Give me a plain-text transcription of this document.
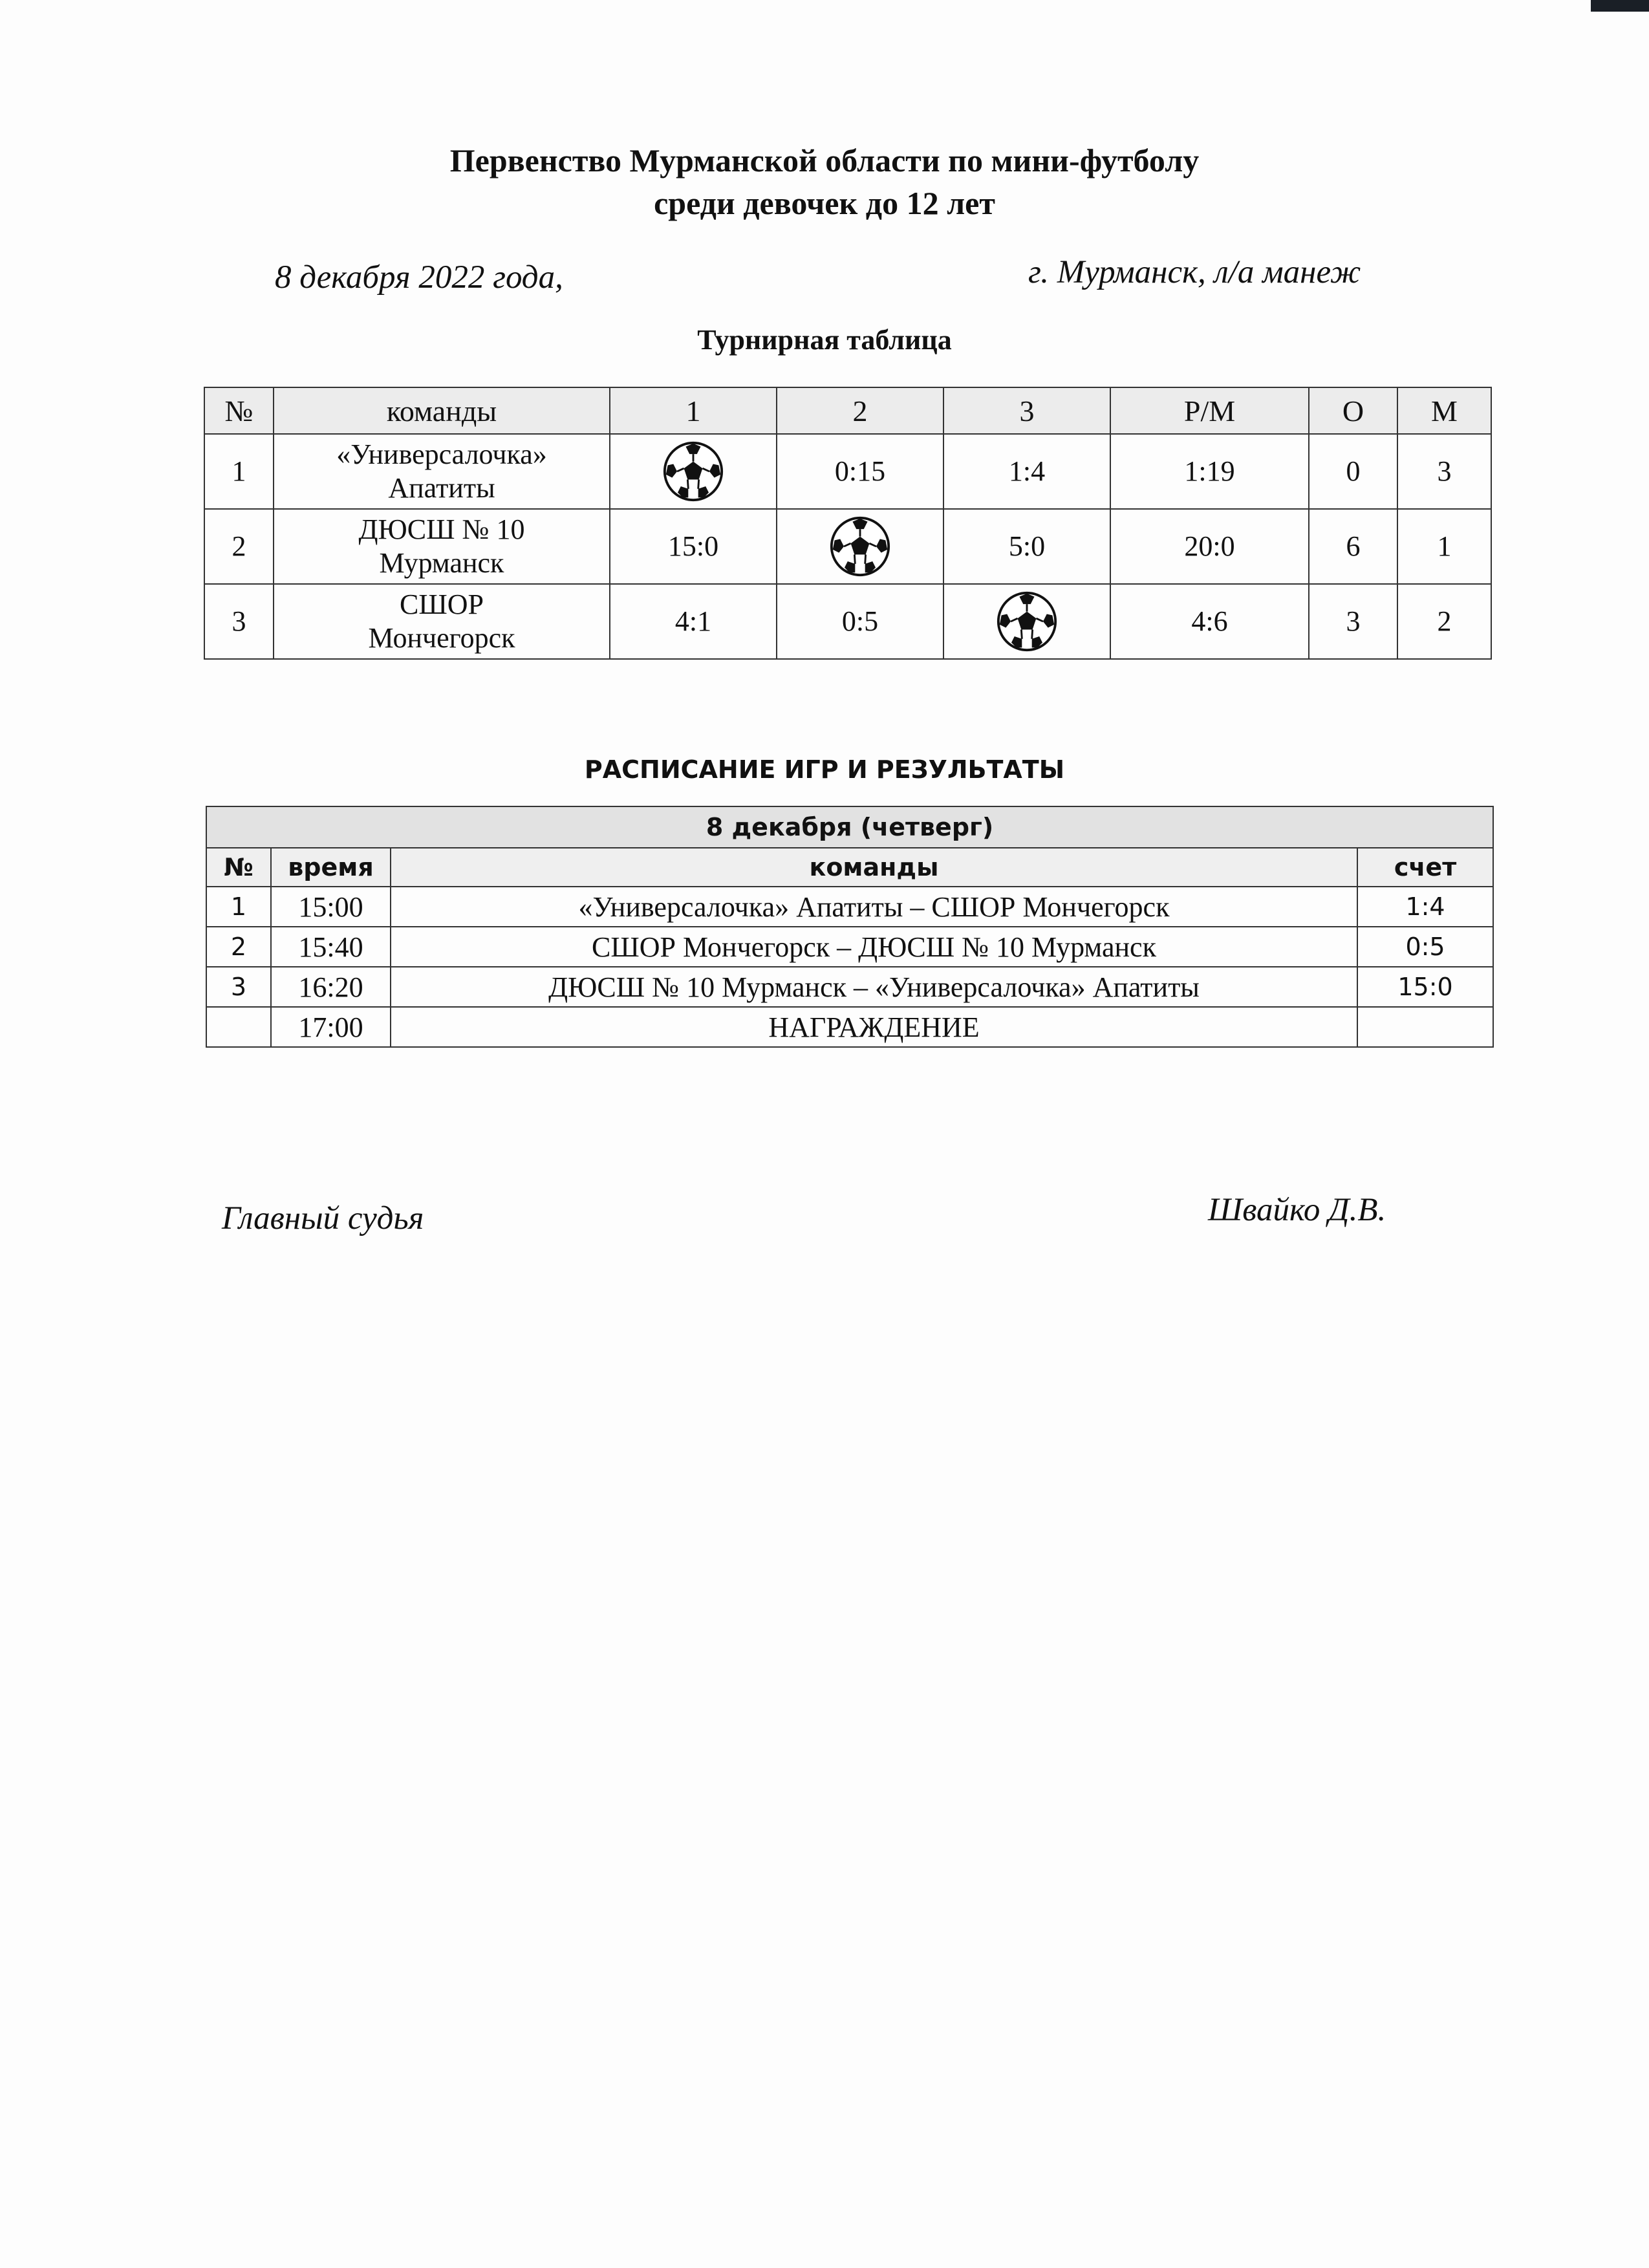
Первенство Мурманской области по мини-футболу
среди девочек до 12 лет
8 декабря 2022 года,	г. Мурманск, л/а манеж
Турнирная таблица
№	команды	1	2	3	Р/М	О	М
1	«Универсалочка»
Апатиты		0:15	1:4	1:19	0	3
2	ДЮСШ № 10
Мурманск	15:0		5:0	20:0	6	1
3	СШОР
Мончегорск	4:1	0:5		4:6	3	2
РАСПИСАНИЕ ИГР И РЕЗУЛЬТАТЫ
8 декабря (четверг)			
№	время	команды	счет
1	15:00	«Универсалочка» Апатиты – СШОР Мончегорск	1:4
2	15:40	СШОР Мончегорск – ДЮСШ № 10 Мурманск	0:5
3	16:20	ДЮСШ № 10 Мурманск – «Универсалочка» Апатиты	15:0
	17:00	НАГРАЖДЕНИЕ	
Главный судья	Швайко Д.В.
